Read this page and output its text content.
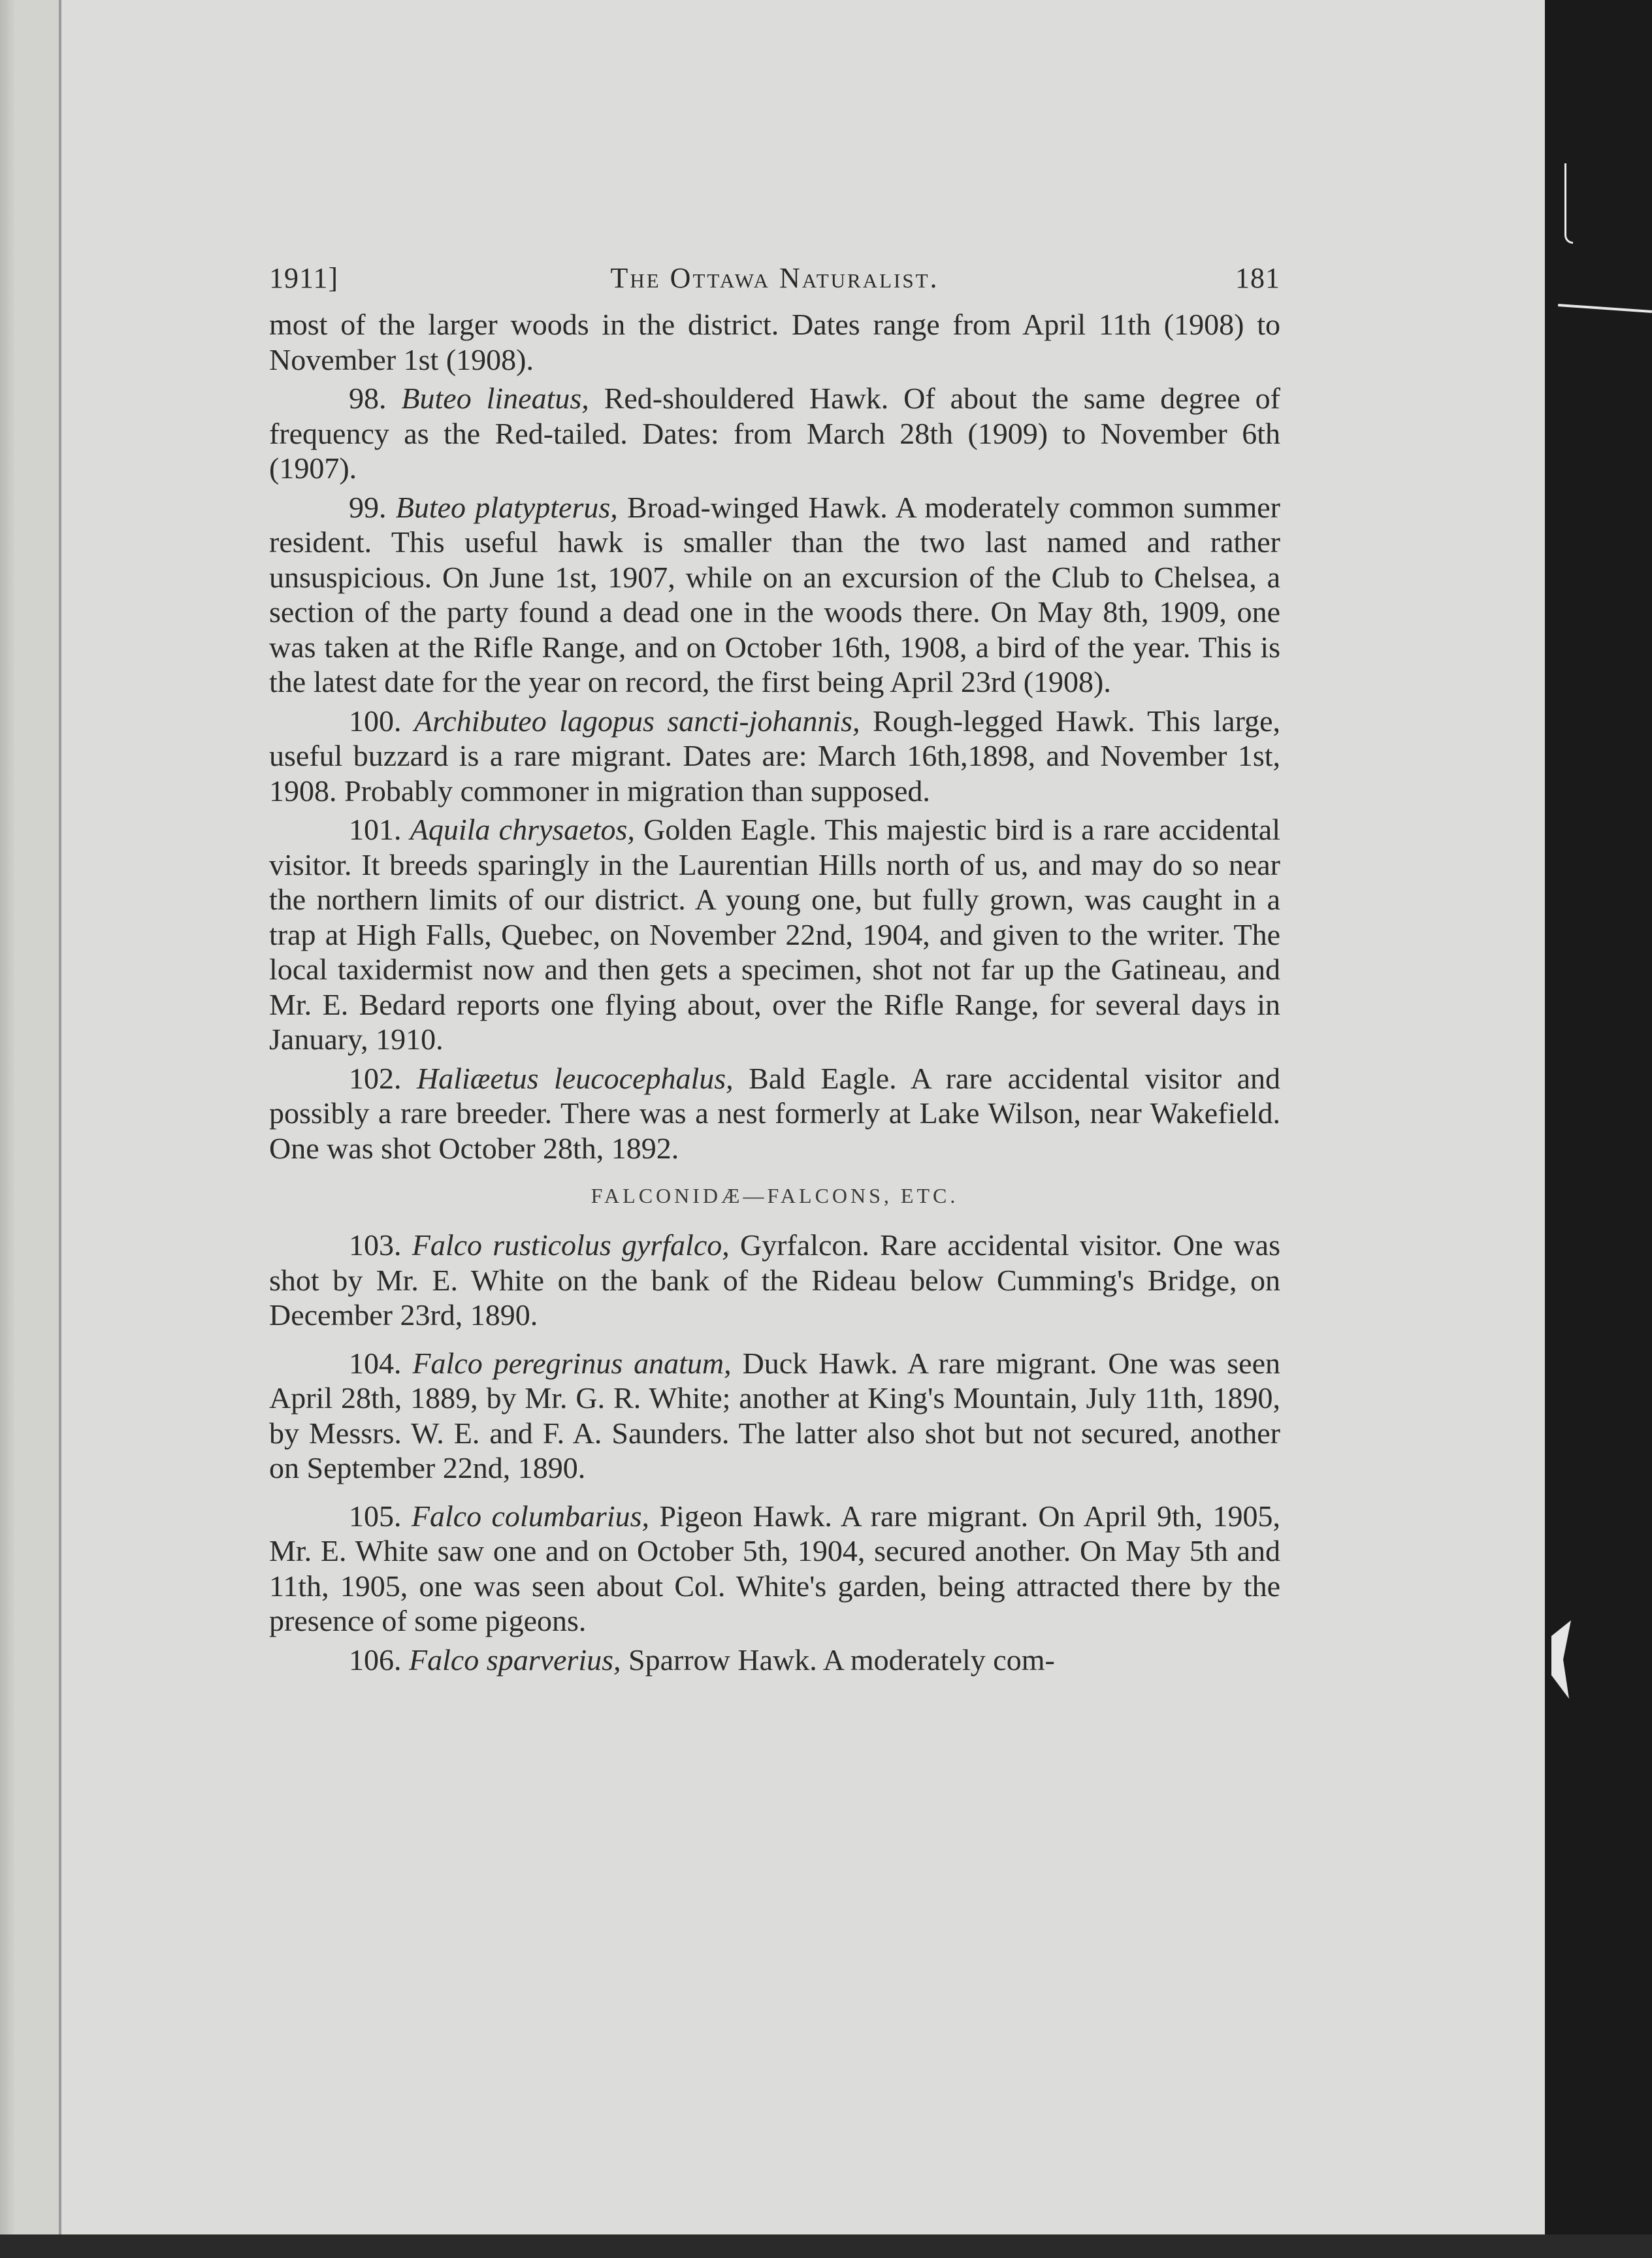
1911]	The Ottawa Naturalist.	181

most of the larger woods in the district. Dates range from April 11th (1908) to November 1st (1908).

98. Buteo lineatus, Red-shouldered Hawk. Of about the same degree of frequency as the Red-tailed. Dates: from March 28th (1909) to November 6th (1907).

99. Buteo platypterus, Broad-winged Hawk. A moderately common summer resident. This useful hawk is smaller than the two last named and rather unsuspicious. On June 1st, 1907, while on an excursion of the Club to Chelsea, a section of the party found a dead one in the woods there. On May 8th, 1909, one was taken at the Rifle Range, and on October 16th, 1908, a bird of the year. This is the latest date for the year on record, the first being April 23rd (1908).

100. Archibuteo lagopus sancti-johannis, Rough-legged Hawk. This large, useful buzzard is a rare migrant. Dates are: March 16th,1898, and November 1st, 1908. Probably commoner in migration than supposed.

101. Aquila chrysaetos, Golden Eagle. This majestic bird is a rare accidental visitor. It breeds sparingly in the Laurentian Hills north of us, and may do so near the northern limits of our district. A young one, but fully grown, was caught in a trap at High Falls, Quebec, on November 22nd, 1904, and given to the writer. The local taxidermist now and then gets a specimen, shot not far up the Gatineau, and Mr. E. Bedard reports one flying about, over the Rifle Range, for several days in January, 1910.

102. Haliæetus leucocephalus, Bald Eagle. A rare accidental visitor and possibly a rare breeder. There was a nest formerly at Lake Wilson, near Wakefield. One was shot October 28th, 1892.

FALCONIDÆ—FALCONS, ETC.

103. Falco rusticolus gyrfalco, Gyrfalcon. Rare accidental visitor. One was shot by Mr. E. White on the bank of the Rideau below Cumming's Bridge, on December 23rd, 1890.

104. Falco peregrinus anatum, Duck Hawk. A rare migrant. One was seen April 28th, 1889, by Mr. G. R. White; another at King's Mountain, July 11th, 1890, by Messrs. W. E. and F. A. Saunders. The latter also shot but not secured, another on September 22nd, 1890.

105. Falco columbarius, Pigeon Hawk. A rare migrant. On April 9th, 1905, Mr. E. White saw one and on October 5th, 1904, secured another. On May 5th and 11th, 1905, one was seen about Col. White's garden, being attracted there by the presence of some pigeons.

106. Falco sparverius, Sparrow Hawk. A moderately com-
